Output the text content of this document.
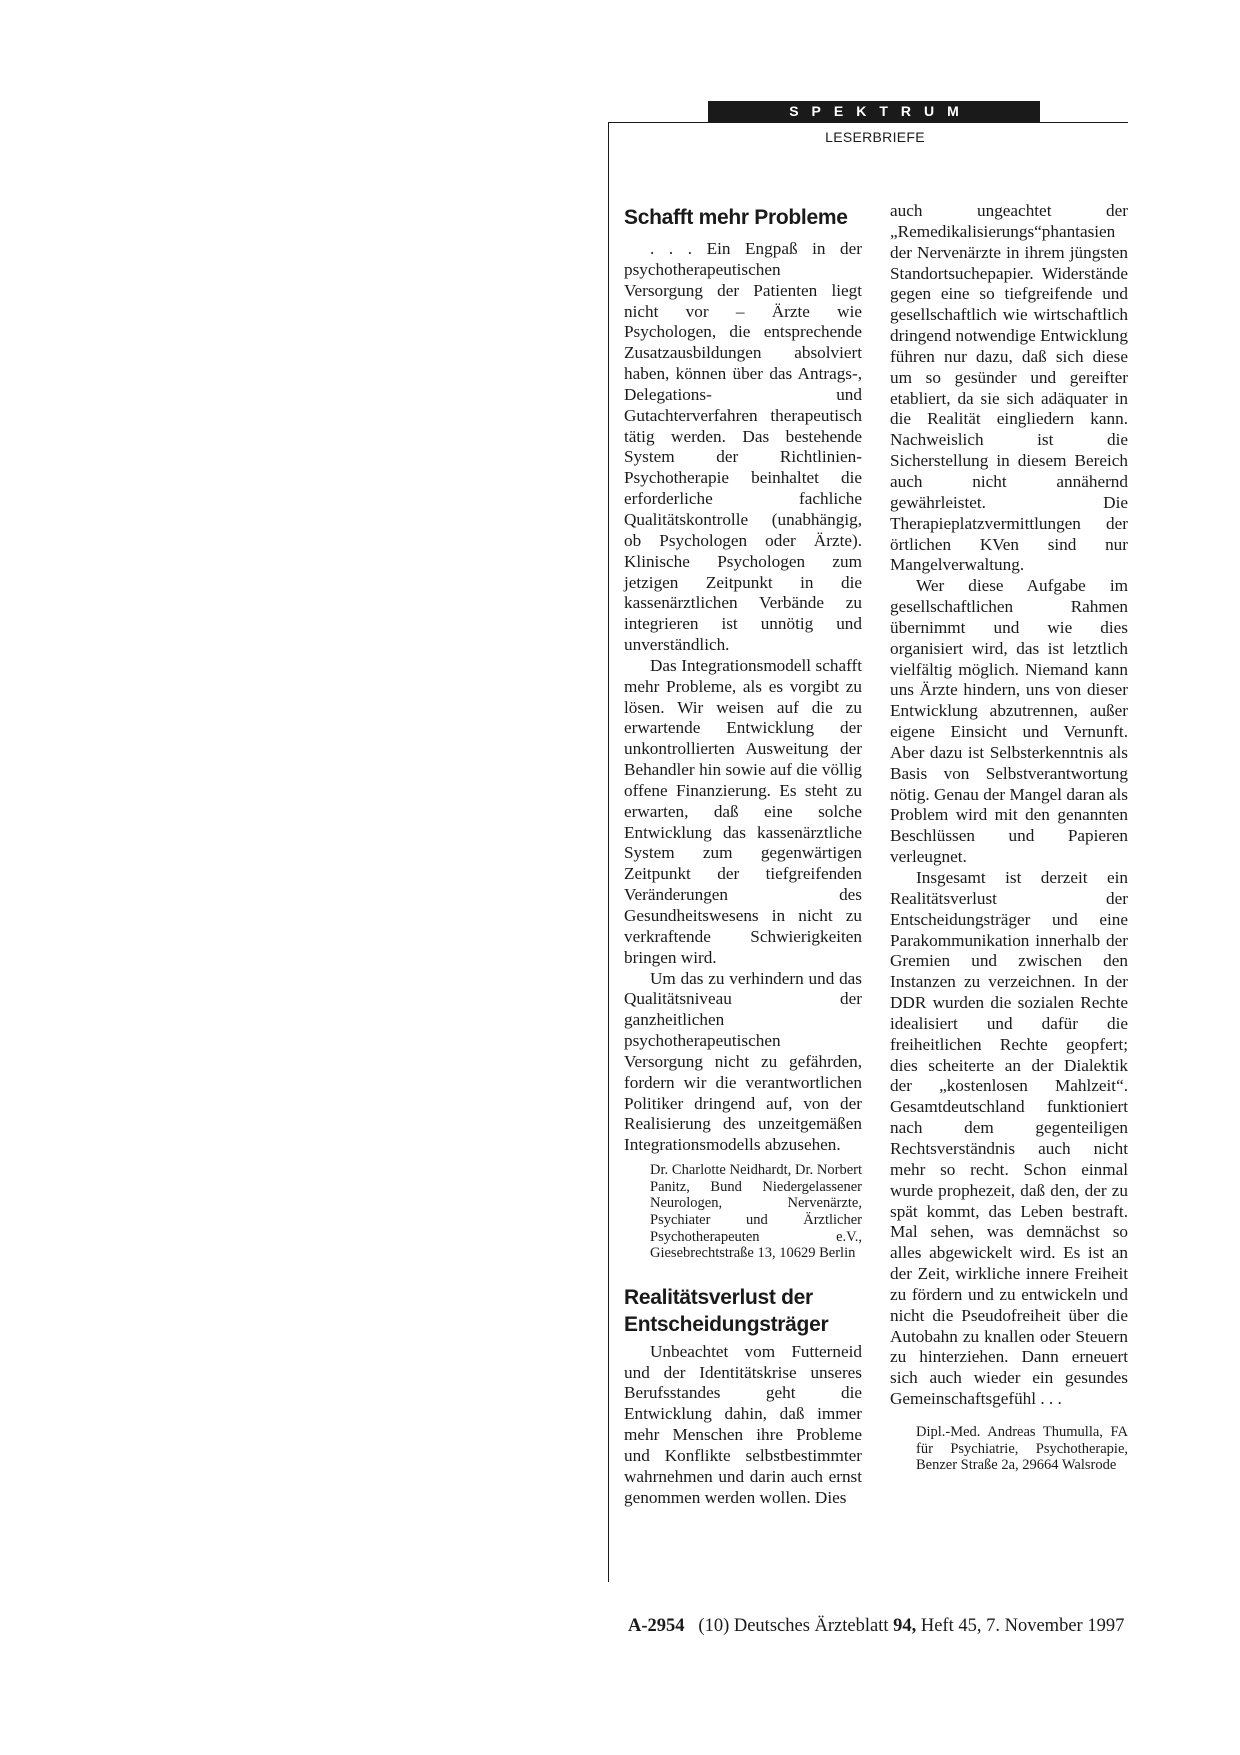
SPEKTRUM
LESERBRIEFE
Schafft mehr Probleme

. . . Ein Engpaß in der psychotherapeutischen Versorgung der Patienten liegt nicht vor – Ärzte wie Psychologen, die entsprechende Zusatzausbildungen absolviert haben, können über das Antrags-, Delegations- und Gutachterverfahren therapeutisch tätig werden. Das bestehende System der Richtlinien-Psychotherapie beinhaltet die erforderliche fachliche Qualitätskontrolle (unabhängig, ob Psychologen oder Ärzte). Klinische Psychologen zum jetzigen Zeitpunkt in die kassenärztlichen Verbände zu integrieren ist unnötig und unverständlich.

Das Integrationsmodell schafft mehr Probleme, als es vorgibt zu lösen. Wir weisen auf die zu erwartende Entwicklung der unkontrollierten Ausweitung der Behandler hin sowie auf die völlig offene Finanzierung. Es steht zu erwarten, daß eine solche Entwicklung das kassenärztliche System zum gegenwärtigen Zeitpunkt der tiefgreifenden Veränderungen des Gesundheitswesens in nicht zu verkraftende Schwierigkeiten bringen wird.

Um das zu verhindern und das Qualitätsniveau der ganzheitlichen psychotherapeutischen Versorgung nicht zu gefährden, fordern wir die verantwortlichen Politiker dringend auf, von der Realisierung des unzeitgemäßen Integrationsmodells abzusehen.

Dr. Charlotte Neidhardt, Dr. Norbert Panitz, Bund Niedergelassener Neurologen, Nervenärzte, Psychiater und Ärztlicher Psychotherapeuten e.V., Giesebrechtstraße 13, 10629 Berlin
Realitätsverlust der Entscheidungsträger

Unbeachtet vom Futterneid und der Identitätskrise unseres Berufsstandes geht die Entwicklung dahin, daß immer mehr Menschen ihre Probleme und Konflikte selbstbestimmter wahrnehmen und darin auch ernst genommen werden wollen. Dies

auch ungeachtet der „Remedikalisierungs“phantasien der Nervenärzte in ihrem jüngsten Standortsuchepapier. Widerstände gegen eine so tiefgreifende und gesellschaftlich wie wirtschaftlich dringend notwendige Entwicklung führen nur dazu, daß sich diese um so gesünder und gereifter etabliert, da sie sich adäquater in die Realität eingliedern kann. Nachweislich ist die Sicherstellung in diesem Bereich auch nicht annähernd gewährleistet. Die Therapieplatzvermittlungen der örtlichen KVen sind nur Mangelverwaltung.

Wer diese Aufgabe im gesellschaftlichen Rahmen übernimmt und wie dies organisiert wird, das ist letztlich vielfältig möglich. Niemand kann uns Ärzte hindern, uns von dieser Entwicklung abzutrennen, außer eigene Einsicht und Vernunft. Aber dazu ist Selbsterkenntnis als Basis von Selbstverantwortung nötig. Genau der Mangel daran als Problem wird mit den genannten Beschlüssen und Papieren verleugnet.

Insgesamt ist derzeit ein Realitätsverlust der Entscheidungsträger und eine Parakommunikation innerhalb der Gremien und zwischen den Instanzen zu verzeichnen. In der DDR wurden die sozialen Rechte idealisiert und dafür die freiheitlichen Rechte geopfert; dies scheiterte an der Dialektik der „kostenlosen Mahlzeit“. Gesamtdeutschland funktioniert nach dem gegenteiligen Rechtsverständnis auch nicht mehr so recht. Schon einmal wurde prophezeit, daß den, der zu spät kommt, das Leben bestraft. Mal sehen, was demnächst so alles abgewickelt wird. Es ist an der Zeit, wirkliche innere Freiheit zu fördern und zu entwickeln und nicht die Pseudofreiheit über die Autobahn zu knallen oder Steuern zu hinterziehen. Dann erneuert sich auch wieder ein gesundes Gemeinschaftsgefühl . . .

Dipl.-Med. Andreas Thumulla, FA für Psychiatrie, Psychotherapie, Benzer Straße 2a, 29664 Walsrode
A-2954 (10) Deutsches Ärzteblatt 94, Heft 45, 7. November 1997
